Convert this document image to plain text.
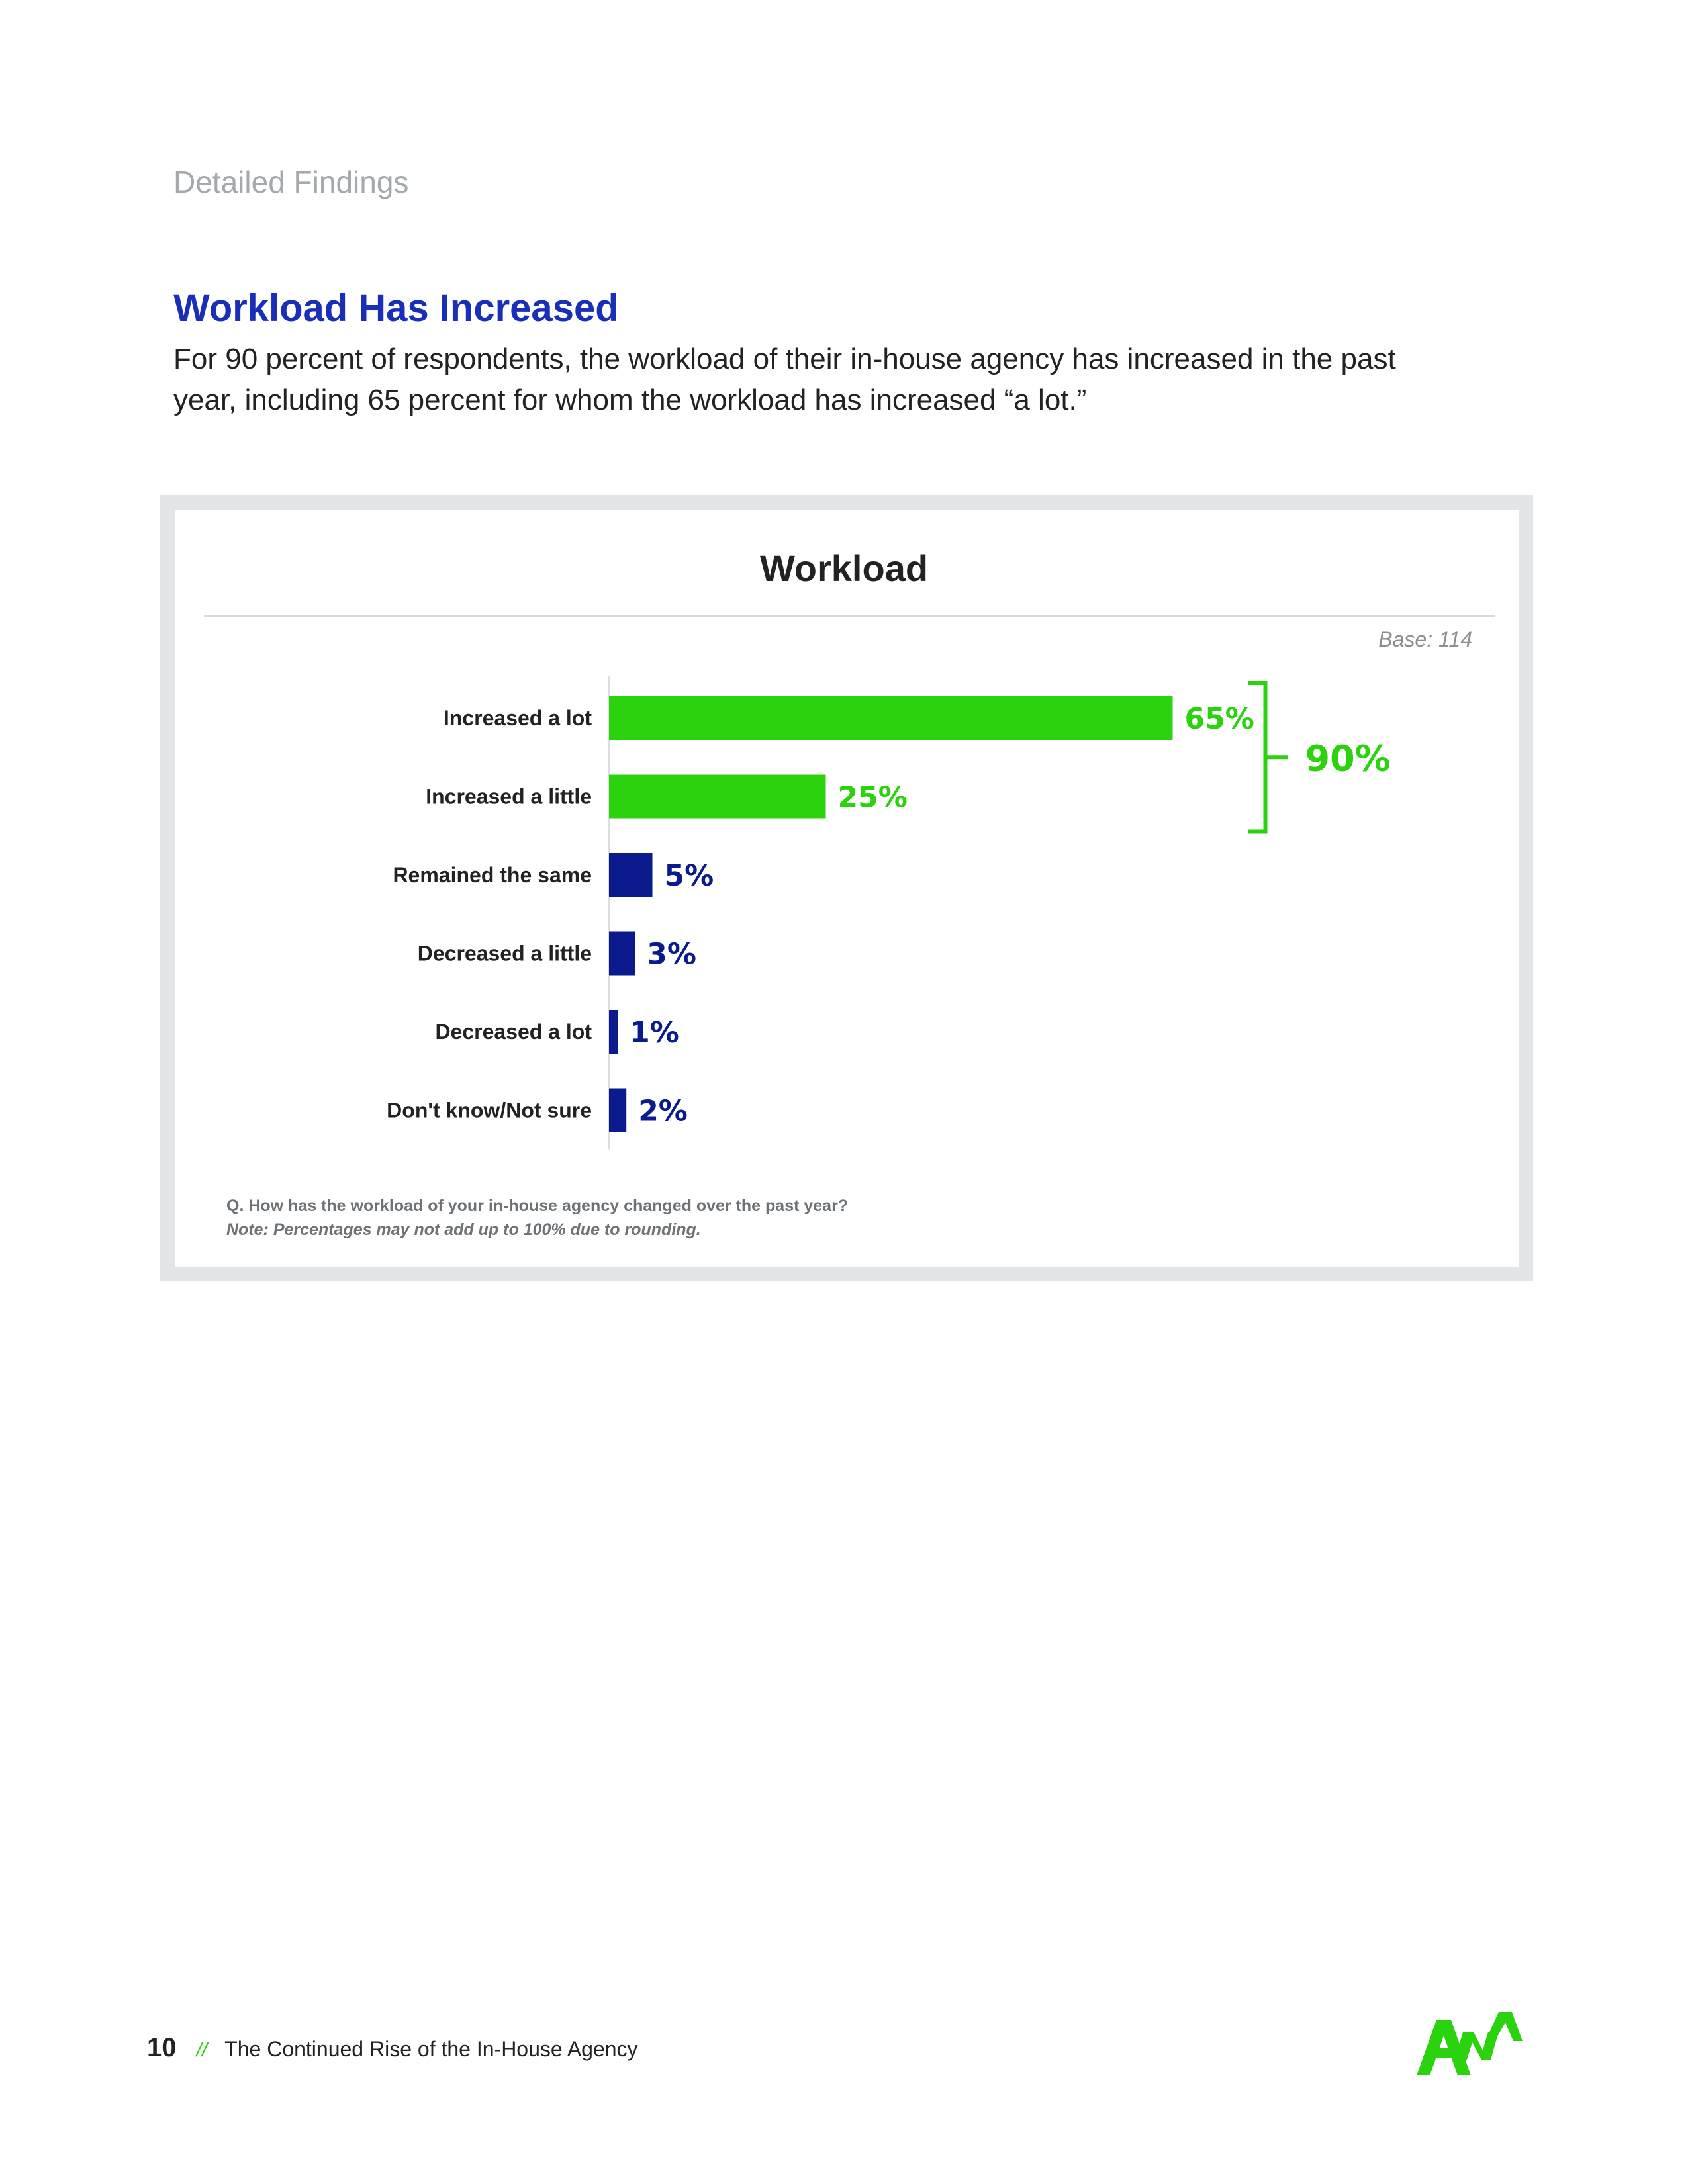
Detailed Findings
Workload Has Increased
For 90 percent of respondents, the workload of their in-house agency has increased in the past year, including 65 percent for whom the workload has increased “a lot.”
Workload
Base: 114
Increased a lot	65%
Increased a little	25%
Remained the same 5%
Decreased a little 3%
Decreased a lot 1%
Don't know/Not sure 2%
90%
Q. How has the workload of your in-house agency changed over the past year?
Note: Percentages may not add up to 100% due to rounding.
10 // The Continued Rise of the In-House Agency
